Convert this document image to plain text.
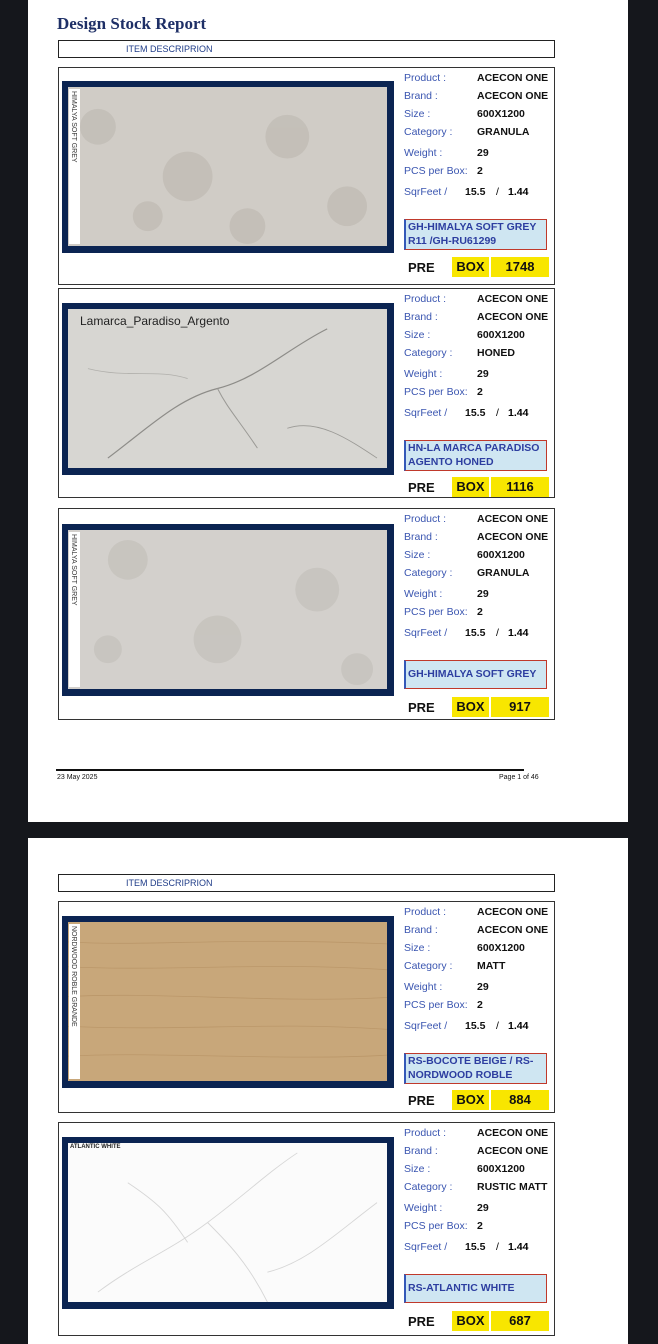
Design Stock Report
ITEM DESCRIPRION
HIMALYA SOFT GREY
Product :	ACECON ONE
Brand :	ACECON ONE
Size :	600X1200
Category : GRANULA
Weight :	29
PCS per Box: 2
SqrFeet / 15.5 / 1.44
GH-HIMALYA SOFT GREY
R11 /GH-RU61299
PRE	BOX	1748
Lamarca_Paradiso_Argento
Product :	ACECON ONE
Brand :	ACECON ONE
Size :	600X1200
Category : HONED
Weight :	29
PCS per Box: 2
SqrFeet / 15.5 / 1.44
HN-LA MARCA PARADISO
AGENTO HONED
PRE	BOX	1116
HIMALYA SOFT GREY
Product :	ACECON ONE
Brand :	ACECON ONE
Size :	600X1200
Category : GRANULA
Weight :	29
PCS per Box: 2
SqrFeet / 15.5 / 1.44
GH-HIMALYA SOFT GREY
PRE	BOX	917
23 May 2025	Page 1 of 46
ITEM DESCRIPRION
NORDWOOD ROBLE GRANDE
Product :	ACECON ONE
Brand :	ACECON ONE
Size :	600X1200
Category : MATT
Weight :	29
PCS per Box: 2
SqrFeet / 15.5 / 1.44
RS-BOCOTE BEIGE / RS-
NORDWOOD ROBLE
PRE	BOX	884
ATLANTIC WHITE
Product :	ACECON ONE
Brand :	ACECON ONE
Size :	600X1200
Category : RUSTIC MATT
Weight :	29
PCS per Box: 2
SqrFeet / 15.5 / 1.44
RS-ATLANTIC WHITE
PRE	BOX	687
